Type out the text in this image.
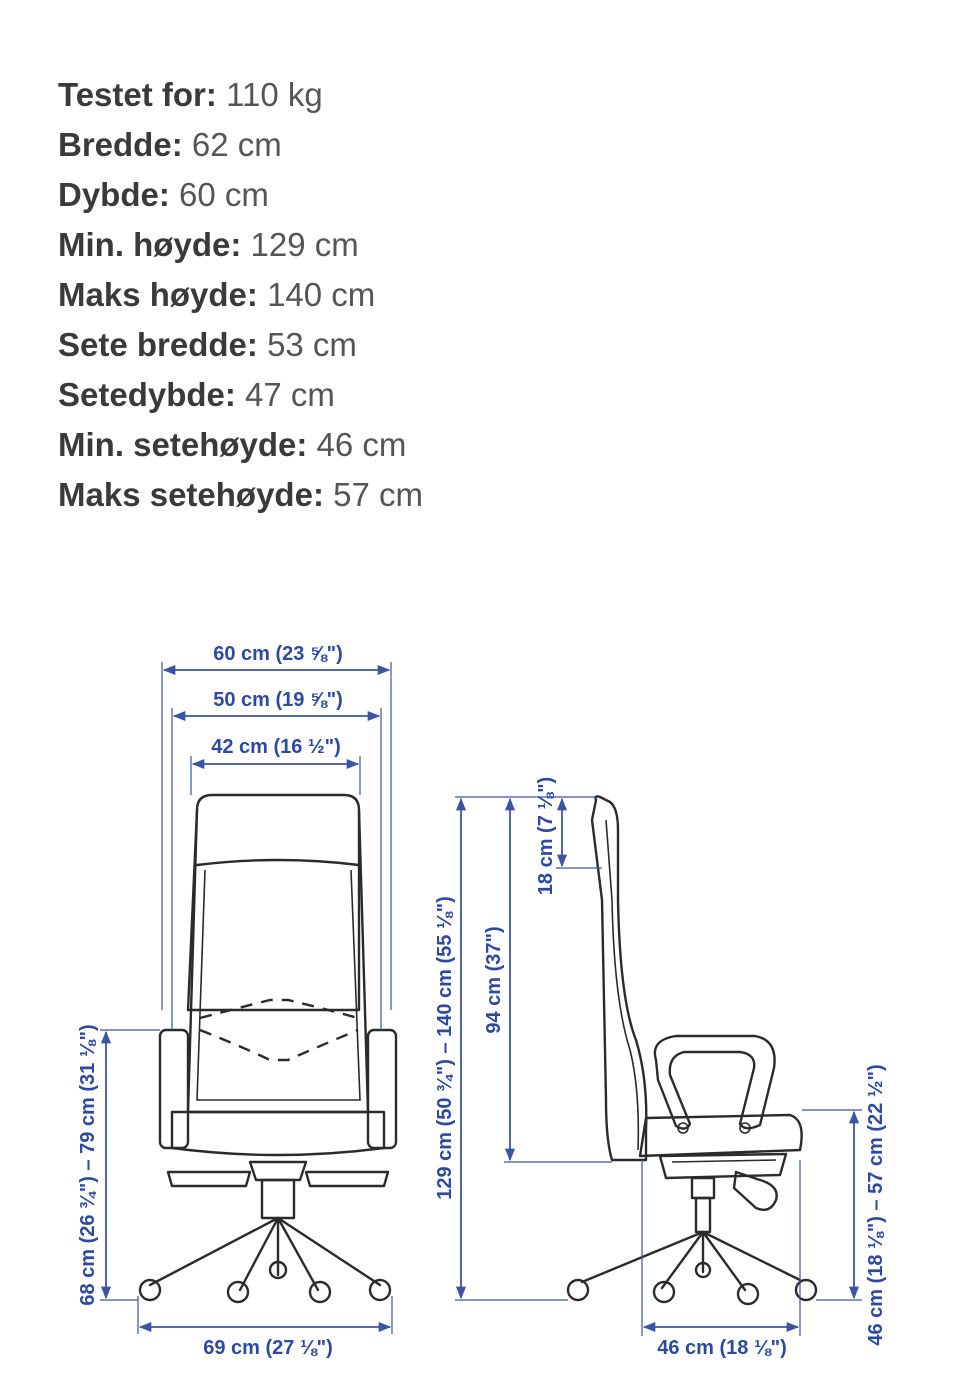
Testet for: 110 kg
Bredde: 62 cm
Dybde: 60 cm
Min. høyde: 129 cm
Maks høyde: 140 cm
Sete bredde: 53 cm
Setedybde: 47 cm
Min. setehøyde: 46 cm
Maks setehøyde: 57 cm
60 cm (23 ⅝")
50 cm (19 ⅝")
42 cm (16 ½")
69 cm (27 ⅛")
68 cm (26 ¾") – 79 cm (31 ⅛")	129 cm (50 ¾") – 140 cm (55 ⅛") 94 cm (37")
18 cm (7 ⅛")
46 cm (18 ⅛") – 57 cm (22 ½")
46 cm (18 ⅛")
